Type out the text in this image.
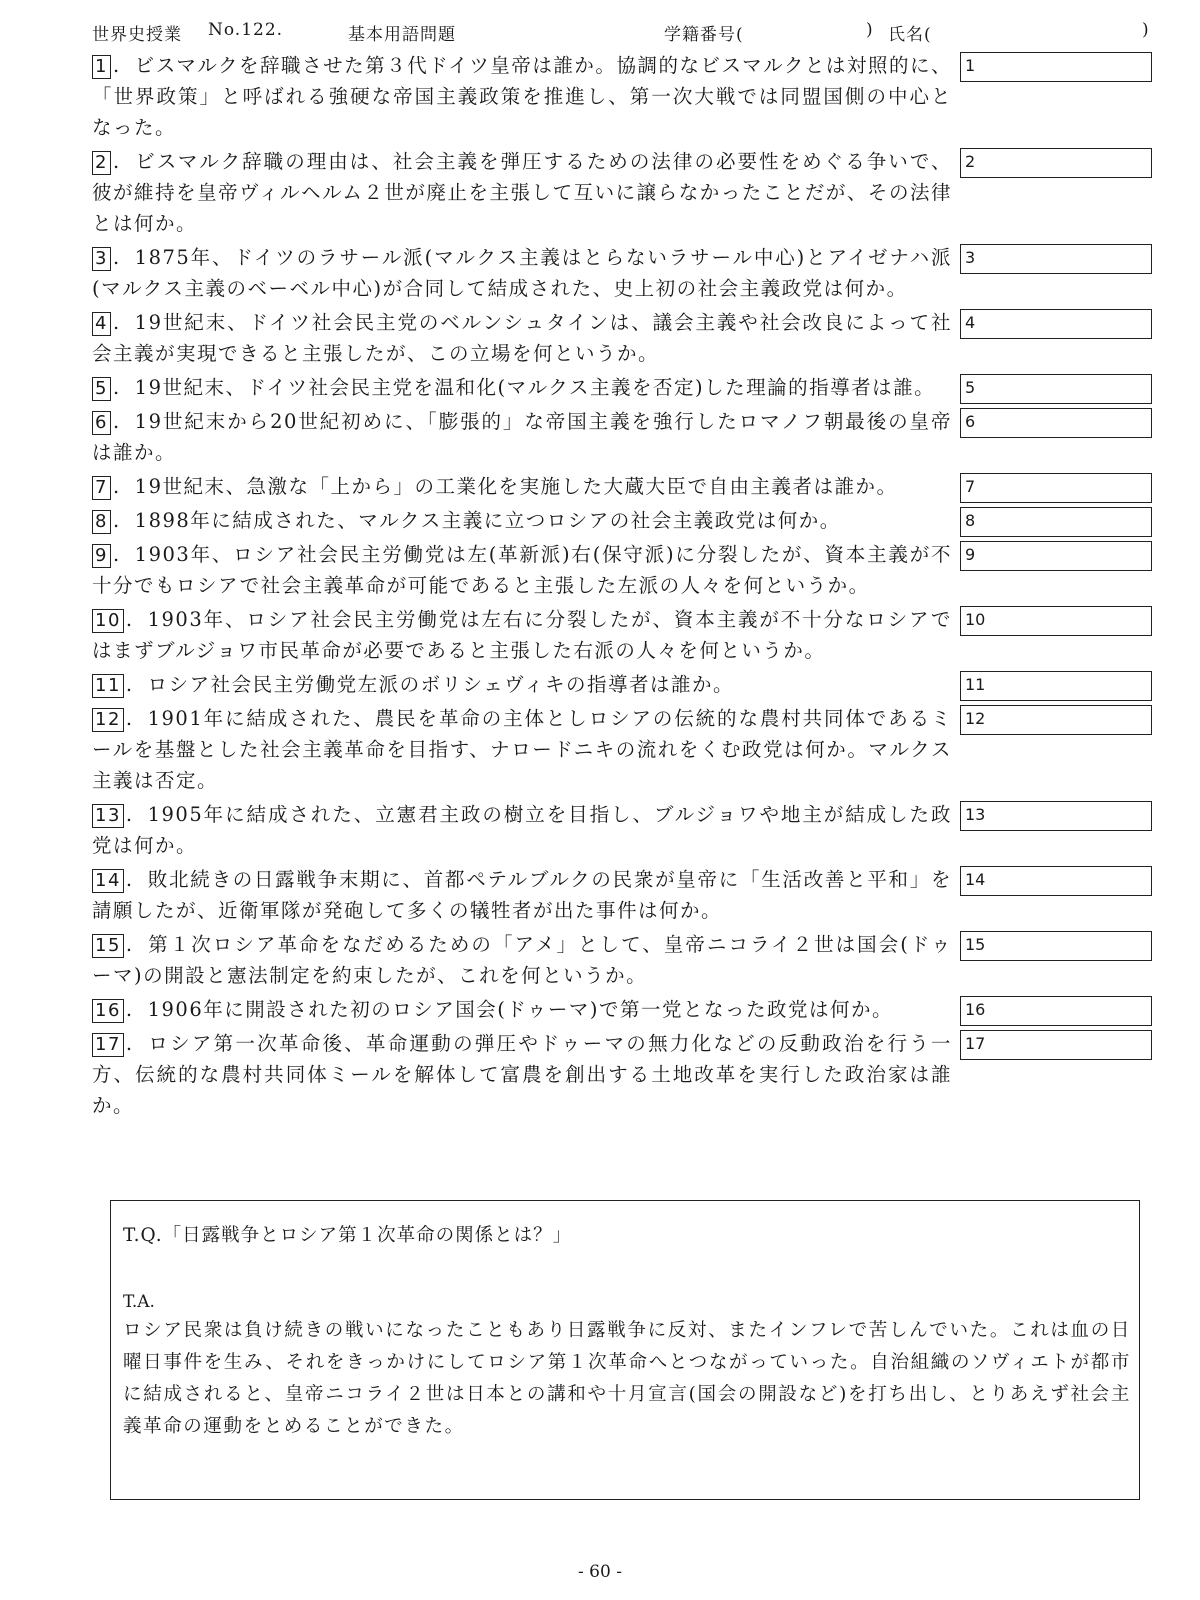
世界史授業 No.122.	基本用語問題	学籍番号(	) 氏名(	)
1 . ビスマルクを辞職させた第３代ドイツ皇帝は誰か。協調的なビスマルクとは対照的に、「世界政策」と呼ばれる強硬な帝国主義政策を推進し、第一次大戦では同盟国側の中心となった。
1
2 . ビスマルク辞職の理由は、社会主義を弾圧するための法律の必要性をめぐる争いで、彼が維持を皇帝ヴィルヘルム２世が廃止を主張して互いに譲らなかったことだが、その法律とは何か。
2
3 . 1875年、ドイツのラサール派(マルクス主義はとらないラサール中心)とアイゼナハ派(マルクス主義のベーベル中心)が合同して結成された、史上初の社会主義政党は何か。
3
4 . 19世紀末、ドイツ社会民主党のベルンシュタインは、議会主義や社会改良によって社会主義が実現できると主張したが、この立場を何というか。
4
5 . 19世紀末、ドイツ社会民主党を温和化(マルクス主義を否定)した理論的指導者は誰。	5
6 . 19世紀末から20世紀初めに、「膨張的」な帝国主義を強行したロマノフ朝最後の皇帝は誰か。
6
7 . 19世紀末、急激な「上から」の工業化を実施した大蔵大臣で自由主義者は誰か。	7
8 . 1898年に結成された、マルクス主義に立つロシアの社会主義政党は何か。	8
9 . 1903年、ロシア社会民主労働党は左(革新派)右(保守派)に分裂したが、資本主義が不十分でもロシアで社会主義革命が可能であると主張した左派の人々を何というか。
9
10 . 1903年、ロシア社会民主労働党は左右に分裂したが、資本主義が不十分なロシアではまずブルジョワ市民革命が必要であると主張した右派の人々を何というか。
10
11 . ロシア社会民主労働党左派のボリシェヴィキの指導者は誰か。	11
12 . 1901年に結成された、農民を革命の主体としロシアの伝統的な農村共同体であるミールを基盤とした社会主義革命を目指す、ナロードニキの流れをくむ政党は何か。マルクス主義は否定。
12
13 . 1905年に結成された、立憲君主政の樹立を目指し、ブルジョワや地主が結成した政党は何か。
13
14 . 敗北続きの日露戦争末期に、首都ペテルブルクの民衆が皇帝に「生活改善と平和」を請願したが、近衛軍隊が発砲して多くの犠牲者が出た事件は何か。
14
15 . 第１次ロシア革命をなだめるための「アメ」として、皇帝ニコライ２世は国会(ドゥーマ)の開設と憲法制定を約束したが、これを何というか。
15
16 . 1906年に開設された初のロシア国会(ドゥーマ)で第一党となった政党は何か。	16
17 . ロシア第一次革命後、革命運動の弾圧やドゥーマの無力化などの反動政治を行う一方、伝統的な農村共同体ミールを解体して富農を創出する土地改革を実行した政治家は誰か。
17
T.Q.「日露戦争とロシア第１次革命の関係とは？」
T.A.
ロシア民衆は負け続きの戦いになったこともあり日露戦争に反対、またインフレで苦しんでいた。これは血の日曜日事件を生み、それをきっかけにしてロシア第１次革命へとつながっていった。自治組織のソヴィエトが都市に結成されると、皇帝ニコライ２世は日本との講和や十月宣言(国会の開設など)を打ち出し、とりあえず社会主義革命の運動をとめることができた。
- 60 -
